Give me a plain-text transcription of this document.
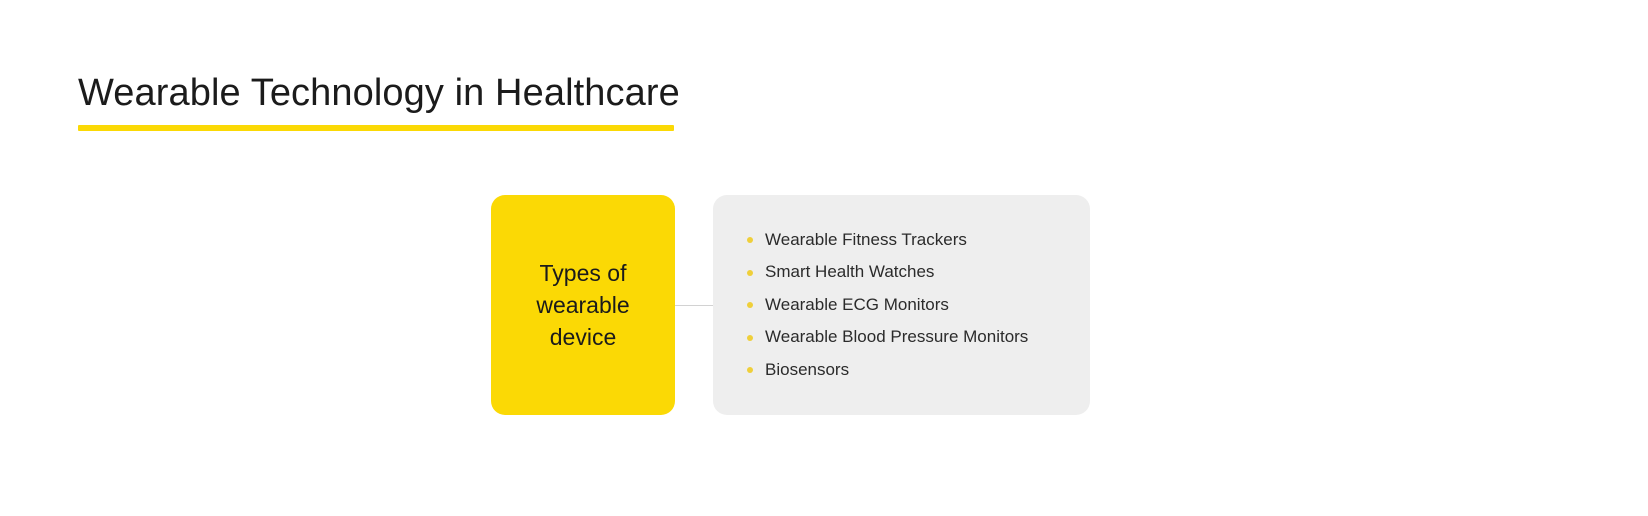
Wearable Technology in Healthcare
Types of wearable device
Wearable Fitness Trackers
Smart Health Watches
Wearable ECG Monitors
Wearable Blood Pressure Monitors
Biosensors
